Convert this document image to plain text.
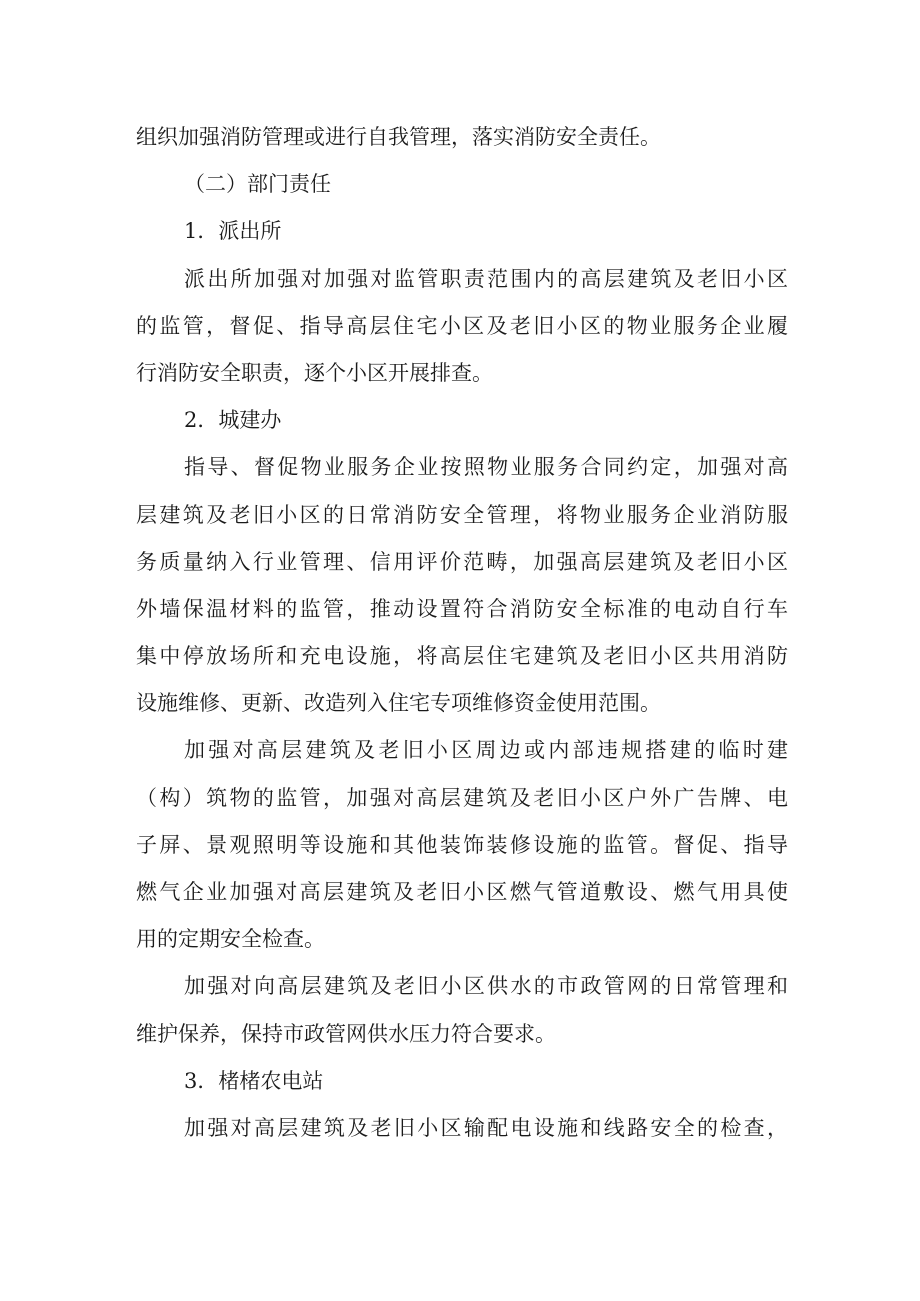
组织加强消防管理或进行自我管理，落实消防安全责任。
（二）部门责任
1．派出所
派出所加强对加强对监管职责范围内的高层建筑及老旧小区
的监管，督促、指导高层住宅小区及老旧小区的物业服务企业履
行消防安全职责，逐个小区开展排查。
2．城建办
指导、督促物业服务企业按照物业服务合同约定，加强对高
层建筑及老旧小区的日常消防安全管理，将物业服务企业消防服
务质量纳入行业管理、信用评价范畴，加强高层建筑及老旧小区
外墙保温材料的监管，推动设置符合消防安全标准的电动自行车
集中停放场所和充电设施，将高层住宅建筑及老旧小区共用消防
设施维修、更新、改造列入住宅专项维修资金使用范围。
加强对高层建筑及老旧小区周边或内部违规搭建的临时建
（构）筑物的监管，加强对高层建筑及老旧小区户外广告牌、电
子屏、景观照明等设施和其他装饰装修设施的监管。督促、指导
燃气企业加强对高层建筑及老旧小区燃气管道敷设、燃气用具使
用的定期安全检查。
加强对向高层建筑及老旧小区供水的市政管网的日常管理和
维护保养，保持市政管网供水压力符合要求。
3．楮楮农电站
加强对高层建筑及老旧小区输配电设施和线路安全的检查，
